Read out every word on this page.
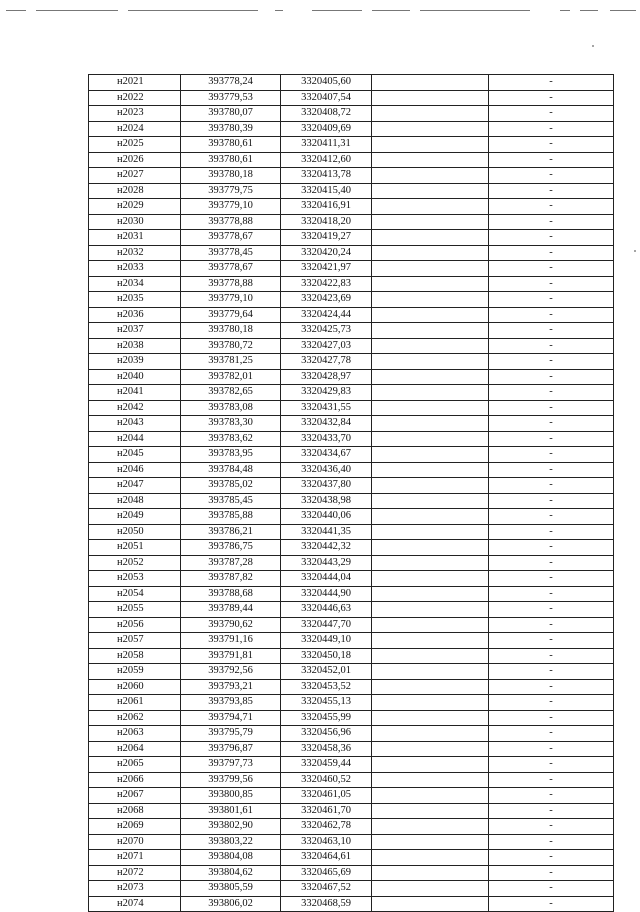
н2021	393778,24	3320405,60		-
н2022	393779,53	3320407,54		-
н2023	393780,07	3320408,72		-
н2024	393780,39	3320409,69		-
н2025	393780,61	3320411,31		-
н2026	393780,61	3320412,60		-
н2027	393780,18	3320413,78		-
н2028	393779,75	3320415,40		-
н2029	393779,10	3320416,91		-
н2030	393778,88	3320418,20		-
н2031	393778,67	3320419,27		-
н2032	393778,45	3320420,24		-
н2033	393778,67	3320421,97		-
н2034	393778,88	3320422,83		-
н2035	393779,10	3320423,69		-
н2036	393779,64	3320424,44		-
н2037	393780,18	3320425,73		-
н2038	393780,72	3320427,03		-
н2039	393781,25	3320427,78		-
н2040	393782,01	3320428,97		-
н2041	393782,65	3320429,83		-
н2042	393783,08	3320431,55		-
н2043	393783,30	3320432,84		-
н2044	393783,62	3320433,70		-
н2045	393783,95	3320434,67		-
н2046	393784,48	3320436,40		-
н2047	393785,02	3320437,80		-
н2048	393785,45	3320438,98		-
н2049	393785,88	3320440,06		-
н2050	393786,21	3320441,35		-
н2051	393786,75	3320442,32		-
н2052	393787,28	3320443,29		-
н2053	393787,82	3320444,04		-
н2054	393788,68	3320444,90		-
н2055	393789,44	3320446,63		-
н2056	393790,62	3320447,70		-
н2057	393791,16	3320449,10		-
н2058	393791,81	3320450,18		-
н2059	393792,56	3320452,01		-
н2060	393793,21	3320453,52		-
н2061	393793,85	3320455,13		-
н2062	393794,71	3320455,99		-
н2063	393795,79	3320456,96		-
н2064	393796,87	3320458,36		-
н2065	393797,73	3320459,44		-
н2066	393799,56	3320460,52		-
н2067	393800,85	3320461,05		-
н2068	393801,61	3320461,70		-
н2069	393802,90	3320462,78		-
н2070	393803,22	3320463,10		-
н2071	393804,08	3320464,61		-
н2072	393804,62	3320465,69		-
н2073	393805,59	3320467,52		-
н2074	393806,02	3320468,59		-
